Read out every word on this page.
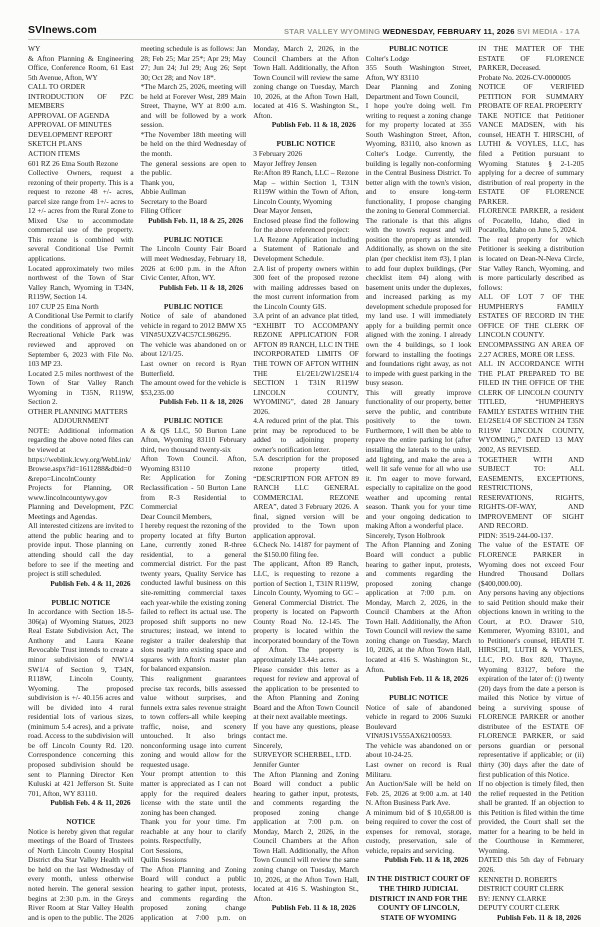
SVInews.com	STAR VALLEY WYOMING WEDNESDAY, FEBRUARY 11, 2026 SVI MEDIA - 17A

WY

& Afton Planning & Engineering Office, Conference Room, 61 East 5th Avenue, Afton, WY

CALL TO ORDER

INTRODUCTION OF PZC MEMBERS

APPROVAL OF AGENDA

APPROVAL OF MINUTES

DEVELOPMENT REPORT

SKETCH PLANS

ACTION ITEMS

601 RZ 26 Etna South Rezone

Collective Owners, request a rezoning of their property. This is a request to rezone 48 +/- acres, parcel size range from 1+/- acres to 12 +/- acres from the Rural Zone to Mixed Use to accommodate commercial use of the property. This rezone is combined with several Conditional Use Permit applications.

Located approximately two miles northwest of the Town of Star Valley Ranch, Wyoming in T34N, R119W, Section 14.

107 CUP 25 Etna North

A Conditional Use Permit to clarify the conditions of approval of the Recreational Vehicle Park was reviewed and approved on September 6, 2023 with File No. 103 MP 23.

Located 2.5 miles northwest of the Town of Star Valley Ranch Wyoming in T35N, R119W, Section 2.

OTHER PLANNING MATTERS

ADJOURNMENT

NOTE: Additional information regarding the above noted files can be viewed at

https://weblink.lcwy.org/WebLink/Browse.aspx?id=1611288&dbid=0&repo=LincolnCounty

Projects for Planning, OR www.lincolncountywy.gov Planning and Development, PZC Meetings and Agendas.

All interested citizens are invited to attend the public hearing and to provide input. Those planning on attending should call the day before to see if the meeting and project is still scheduled.

Publish Feb. 4 & 11, 2026
PUBLIC NOTICE

In accordance with Section 18-5-306(a) of Wyoming Statues, 2023 Real Estate Subdivision Act, The Anthony and Laura Keane Revocable Trust intends to create a minor subdivision of NW1/4 SW1/4 of Section 9, T34N, R118W, Lincoln County, Wyoming. The proposed subdivision is +/- 40.156 acres and will be divided into 4 rural residential lots of various sizes, (minimum 5.4 acres), and a private road. Access to the subdivision will be off Lincoln County Rd. 120. Correspondence concerning this proposed subdivision should be sent to Planning Director Ken Kuluski at 421 Jefferson St. Suite 701, Afton, WY 83110.

Publish Feb. 4 & 11, 2026
NOTICE

Notice is hereby given that regular meetings of the Board of Trustees of North Lincoln County Hospital District dba Star Valley Health will be held on the last Wednesday of every month, unless otherwise noted herein. The general session begins at 2:30 p.m. in the Greys River Room at Star Valley Health and is open to the public. The 2026 meeting schedule is as follows: Jan 28; Feb 25; Mar 25*; Apr 29; May 27; Jun 24; Jul 29; Aug 26; Sept 30; Oct 28; and Nov 18*.

*The March 25, 2026, meeting will be held at Forever West, 289 Main Street, Thayne, WY at 8:00 a.m. and will be followed by a work session.

*The November 18th meeting will be held on the third Wednesday of the month.

The general sessions are open to the public.

Thank you,

Abbie Aullman

Secretary to the Board

Filing Officer

Publish Feb. 11, 18 & 25, 2026
PUBLIC NOTICE

The Lincoln County Fair Board will meet Wednesday, February 18, 2026 at 6:00 p.m. in the Afton Civic Center, Afton, WY.

Publish Feb. 11 & 18, 2026
PUBLIC NOTICE

Notice of sale of abandoned vehicle in regard to 2012 BMW X5 VIN#5UXZV4C57CL986295.

The vehicle was abandoned on or about 12/1/25.

Last owner on record is Ryan Butterfield.

The amount owed for the vehicle is $53,235.00

Publish Feb. 11 & 18, 2026
PUBLIC NOTICE

A & QS LLC, 50 Burton Lane Afton, Wyoming 83110 February third, two thousand twenty-six

Afton Town Council. Afton, Wyoming 83110

Re: Application for Zoning Reclassification - 50 Burton Lane from R-3 Residential to Commercial

Dear Council Members,

I hereby request the rezoning of the property located at fifty Burton Lane, currently zoned R-three residential, to a general commercial district. For the past twenty years, Quality Service has conducted lawful business on this site-remitting commercial taxes each year-while the existing zoning failed to reflect its actual use. The proposed shift supports no new structures; instead, we intend to register a trailer dealership that slots neatly into existing space and squares with Afton's master plan for balanced expansion.

This realignment guarantees precise tax records, bills assessed value without surprises, and funnels extra sales revenue straight to town coffers-all while keeping traffic, noise, and scenery untouched. It also brings nonconforming usage into current zoning and would allow for the requested usage.

Your prompt attention to this matter is appreciated as I can not apply for the required dealers license with the state until the zoning has been changed.

Thank you for your time. I'm reachable at any hour to clarify points. Respectfully,

Cort Sessions,

Quilin Sessions

The Afton Planning and Zoning Board will conduct a public hearing to gather input, protests, and comments regarding the proposed zoning change application at 7:00 p.m. on Monday, March 2, 2026, in the Council Chambers at the Afton Town Hall. Additionally, the Afton Town Council will review the same zoning change on Tuesday, March 10, 2026, at the Afton Town Hall, located at 416 S. Washington St., Afton.

Publish Feb. 11 & 18, 2026
PUBLIC NOTICE

3 February 2026

Mayor Jeffrey Jensen

Re:Afton 89 Ranch, LLC – Rezone Map – within Section 1, T31N R119W within the Town of Afton, Lincoln County, Wyoming

Dear Mayor Jensen,

Enclosed please find the following for the above referenced project:

1.A Rezone Application including a Statement of Rationale and Development Schedule.

2.A list of property owners within 300 feet of the proposed rezone with mailing addresses based on the most current information from the Lincoln County GIS.

3.A print of an advance plat titled, “EXHIBIT TO ACCOMPANY REZONE APPLICATION FOR AFTON 89 RANCH, LLC IN THE INCORPORATED LIMITS OF THE TOWN OF AFTON WITHIN THE E1/2E1/2W1/2SE1/4 SECTION 1 T31N R119W LINCOLN COUNTY, WYOMING”, dated 28 January 2026.

4.A reduced print of the plat. This print may be reproduced to be added to adjoining property owner's notification letter.

5.A description for the proposed rezone property titled, “DESCRIPTION FOR AFTON 89 RANCH LLC GENERAL COMMERCIAL REZONE AREA”, dated 3 February 2026. A final, signed version will be provided to the Town upon application approval.

6.Check No. 14187 for payment of the $150.00 filing fee.

The applicant, Afton 89 Ranch, LLC, is requesting to rezone a portion of Section 1, T31N R119W, Lincoln County, Wyoming to GC – General Commercial District. The property is located on Papworth County Road No. 12-145. The property is located within the incorporated boundary of the Town of Afton. The property is approximately 13.44± acres.

Please consider this letter as a request for review and approval of the application to be presented to the Afton Planning and Zoning Board and the Afton Town Council at their next available meetings.

If you have any questions, please contact me.

Sincerely,

SURVEYOR SCHERBEL, LTD.

Jennifer Gunter

The Afton Planning and Zoning Board will conduct a public hearing to gather input, protests, and comments regarding the proposed zoning change application at 7:00 p.m. on Monday, March 2, 2026, in the Council Chambers at the Afton Town Hall. Additionally, the Afton Town Council will review the same zoning change on Tuesday, March 10, 2026, at the Afton Town Hall, located at 416 S. Washington St., Afton.

Publish Feb. 11 & 18, 2026
PUBLIC NOTICE

Colter's Lodge

355 South Washington Street, Afton, WY 83110

Dear Planning and Zoning Department and Town Council,

I hope you're doing well. I'm writing to request a zoning change for my property located at 355 South Washington Street, Afton, Wyoming, 83110, also known as Colter's Lodge. Currently, the building is legally non-conforming in the Central Business District. To better align with the town's vision, and to ensure long-term functionality, I propose changing the zoning to General Commercial.

The rationale is that this aligns with the town's request and will position the property as intended. Additionally, as shown on the site plan (per checklist item #3), I plan to add four duplex buildings, (Per checklist item #4) along with basement units under the duplexes, and increased parking as my development schedule proposed for my land use. I will immediately apply for a building permit once aligned with the zoning. I already own the 4 buildings, so I look forward to installing the footings and foundations right away, as not to impede with guest parking in the busy season.

This will greatly improve functionality of our property, better serve the public, and contribute positively to the town. Furthermore, I will then be able to repave the entire parking lot (after installing the laterals to the units), add lighting, and make the area a well lit safe venue for all who use it. I'm eager to move forward, especially to capitalize on the good weather and upcoming rental season. Thank you for your time and your ongoing dedication to making Afton a wonderful place.

Sincerely, Tyson Holbrook

The Afton Planning and Zoning Board will conduct a public hearing to gather input, protests, and comments regarding the proposed zoning change application at 7:00 p.m. on Monday, March 2, 2026, in the Council Chambers at the Afton Town Hall. Additionally, the Afton Town Council will review the same zoning change on Tuesday, March 10, 2026, at the Afton Town Hall, located at 416 S. Washington St., Afton.

Publish Feb. 11 & 18, 2026
PUBLIC NOTICE

Notice of sale of abandoned vehicle in regard to 2006 Suzuki Boulevard VIN#JS1V555AX62100593.

The vehicle was abandoned on or about 10-24-25.

Last owner on record is Rual Militaru.

An Auction/Sale will be held on Feb. 25, 2026 at 9:00 a.m. at 140 N. Afton Business Park Ave.

A minimum bid of $ 10,658.00 is being required to cover the cost of expenses for removal, storage, custody, preservation, sale of vehicle, repairs and servicing.

Publish Feb. 11 & 18, 2026
IN THE DISTRICT COURT OF THE THIRD JUDICIAL DISTRICT IN AND FOR THE COUNTY OF LINCOLN, STATE OF WYOMING

IN THE MATTER OF THE ESTATE OF FLORENCE PARKER, Deceased.

Probate No. 2026-CV-0000005

NOTICE OF VERIFIED PETITION FOR SUMMARY PROBATE OF REAL PROPERTY

TAKE NOTICE that Petitioner VANCE MADSEN, with his counsel, HEATH T. HIRSCHI, of LUTHI & VOYLES, LLC, has filed a Petition pursuant to Wyoming Statutes § 2-1-205 applying for a decree of summary distribution of real property in the ESTATE OF FLORENCE PARKER.

FLORENCE PARKER, a resident of Pocatello, Idaho, died in Pocatello, Idaho on June 5, 2024.

The real property for which Petitioner is seeking a distribution is located on Dean-N-Neva Circle, Star Valley Ranch, Wyoming, and is more particularly described as follows:

ALL OF LOT 7 OF THE HUMPHERYS FAMILY ESTATES OF RECORD IN THE OFFICE OF THE CLERK OF LINCOLN COUNTY.

ENCOMPASSING AN AREA OF 2.27 ACRES, MORE OR LESS.

ALL IN ACCORDANCE WITH THE PLAT PREPARED TO BE FILED IN THE OFFICE OF THE CLERK OF LINCOLN COUNTY TITLED, “HUMPHERYS FAMILY ESTATES WITHIN THE E1/2SE1/4 OF SECTION 24 T35N R119W LINCOLN COUNTY, WYOMING,” DATED 13 MAY 2002, AS REVISED.

TOGETHER WITH AND SUBJECT TO: ALL EASEMENTS, EXCEPTIONS, RESTRICTIONS, RESERVATIONS, RIGHTS, RIGHTS-OF-WAY, AND IMPROVEMENT OF SIGHT AND RECORD.

PIDN: 3519-244-00-137.

The value of the ESTATE OF FLORENCE PARKER in Wyoming does not exceed Four Hundred Thousand Dollars ($400,000.00).

Any persons having any objections to said Petition should make their objections known in writing to the Court, at P.O. Drawer 510, Kemmerer, Wyoming 83101, and to Petitioner's counsel, HEATH T. HIRSCHI, LUTHI & VOYLES, LLC, P.O. Box 820, Thayne, Wyoming 83127, before the expiration of the later of: (i) twenty (20) days from the date a person is mailed this Notice by virtue of being a surviving spouse of FLORENCE PARKER or another distributee of the ESTATE OF FLORENCE PARKER, or said persons guardian or personal representative if applicable; or (ii) thirty (30) days after the date of first publication of this Notice.

If no objection is timely filed, then the relief requested in the Petition shall be granted. If an objection to this Petition is filed within the time provided, the Court shall set the matter for a hearing to be held in the Courthouse in Kemmerer, Wyoming.

DATED this 5th day of February 2026.

KENNETH D. ROBERTS

DISTRICT COURT CLERK

BY: JENNY CLARKE

DEPUTY COURT CLERK

Publish Feb. 11 & 18, 2026
